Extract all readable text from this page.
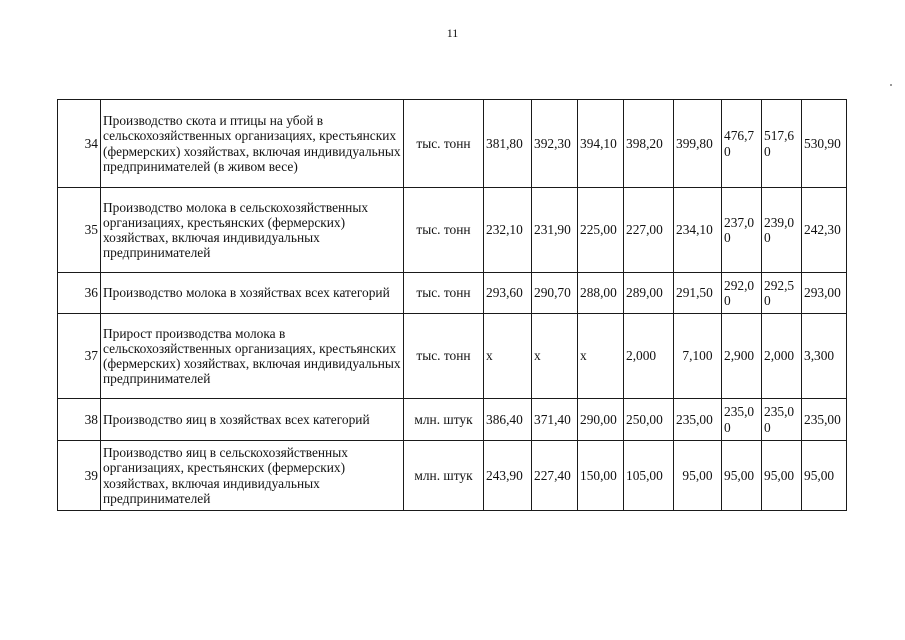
11
34	Производство скота и птицы на убой в сельскохозяйственных организациях, крестьянских (фермерских) хозяйствах, включая индивидуальных предпринимателей (в живом весе)	тыс. тонн	381,80	392,30	394,10	398,20	399,80	476,70	517,60	530,90
35	Производство молока в сельскохозяйственных организациях, крестьянских (фермерских) хозяйствах, включая индивидуальных предпринимателей	тыс. тонн	232,10	231,90	225,00	227,00	234,10	237,00	239,00	242,30
36	Производство молока в хозяйствах всех категорий	тыс. тонн	293,60	290,70	288,00	289,00	291,50	292,00	292,50	293,00
37	Прирост производства молока в сельскохозяйственных организациях, крестьянских (фермерских) хозяйствах, включая индивидуальных предпринимателей	тыс. тонн	x	x	x	2,000	7,100	2,900	2,000	3,300
38	Производство яиц в хозяйствах всех категорий	млн. штук	386,40	371,40	290,00	250,00	235,00	235,00	235,00	235,00
39	Производство яиц в сельскохозяйственных организациях, крестьянских (фермерских) хозяйствах, включая индивидуальных предпринимателей	млн. штук	243,90	227,40	150,00	105,00	95,00	95,00	95,00	95,00
